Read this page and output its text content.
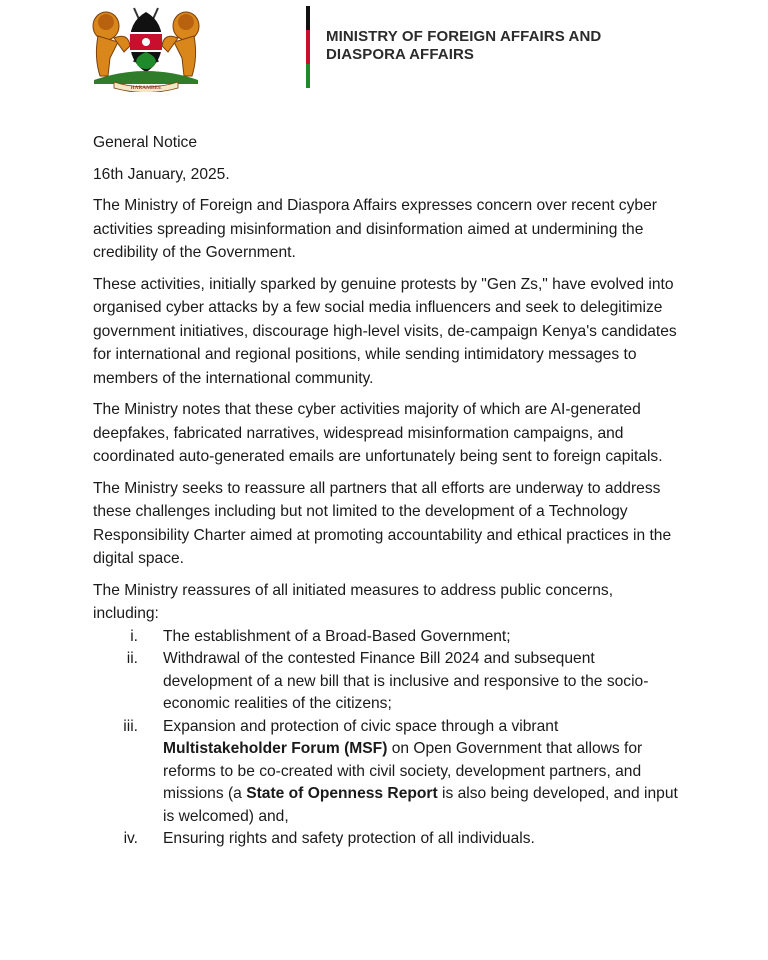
HARAMBEE
MINISTRY OF FOREIGN AFFAIRS AND
DIASPORA AFFAIRS

General Notice

16th January, 2025.

The Ministry of Foreign and Diaspora Affairs expresses concern over recent cyber activities spreading misinformation and disinformation aimed at undermining the credibility of the Government.

These activities, initially sparked by genuine protests by "Gen Zs," have evolved into organised cyber attacks by a few social media influencers and seek to delegitimize government initiatives, discourage high-level visits, de-campaign Kenya's candidates for international and regional positions, while sending intimidatory messages to members of the international community.

The Ministry notes that these cyber activities majority of which are AI-generated deepfakes, fabricated narratives, widespread misinformation campaigns, and coordinated auto-generated emails are unfortunately being sent to foreign capitals.

The Ministry seeks to reassure all partners that all efforts are underway to address these challenges including but not limited to the development of a Technology Responsibility Charter aimed at promoting accountability and ethical practices in the digital space.

The Ministry reassures of all initiated measures to address public concerns, including:

i. The establishment of a Broad-Based Government;
ii. Withdrawal of the contested Finance Bill 2024 and subsequent development of a new bill that is inclusive and responsive to the socio-economic realities of the citizens;
iii. Expansion and protection of civic space through a vibrant Multistakeholder Forum (MSF) on Open Government that allows for reforms to be co-created with civil society, development partners, and missions (a State of Openness Report is also being developed, and input is welcomed) and,
iv. Ensuring rights and safety protection of all individuals.
